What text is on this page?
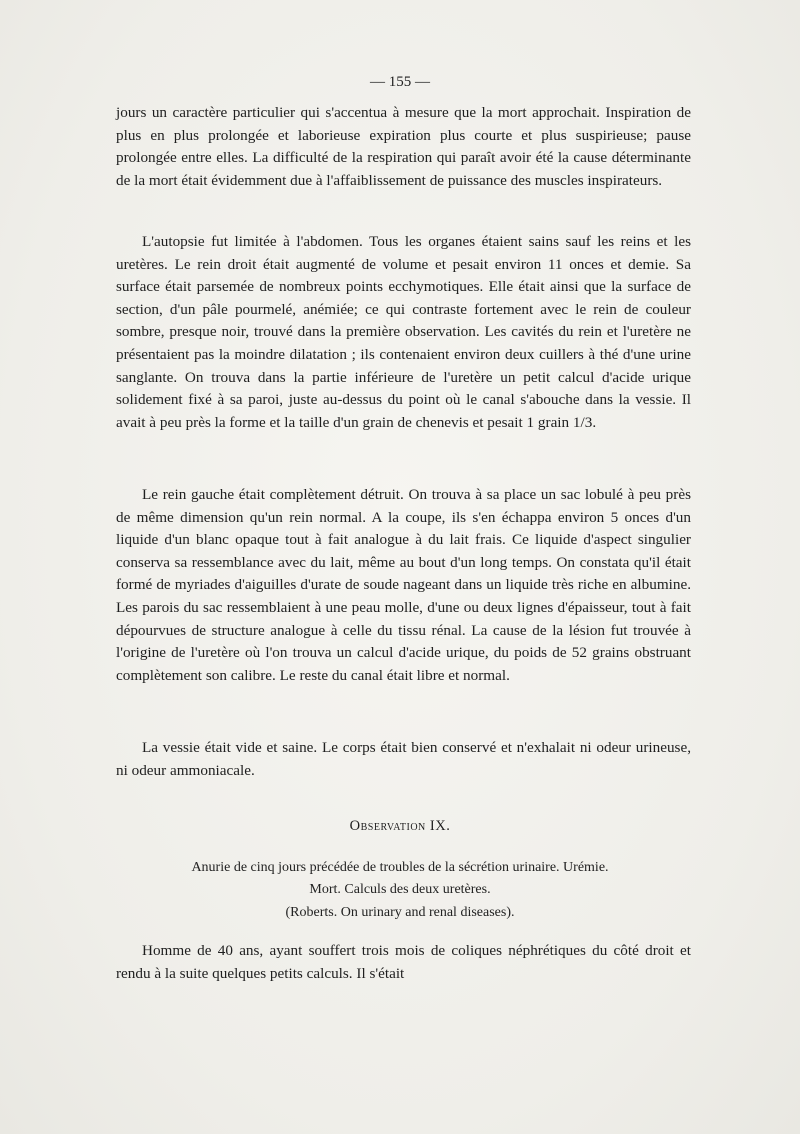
— 155 —

jours un caractère particulier qui s'accentua à mesure que la mort approchait. Inspiration de plus en plus prolongée et laborieuse expiration plus courte et plus suspirieuse; pause prolongée entre elles. La difficulté de la respiration qui paraît avoir été la cause déterminante de la mort était évidemment due à l'affaiblissement de puissance des muscles inspirateurs.

L'autopsie fut limitée à l'abdomen. Tous les organes étaient sains sauf les reins et les uretères. Le rein droit était augmenté de volume et pesait environ 11 onces et demie. Sa surface était parsemée de nombreux points ecchymotiques. Elle était ainsi que la surface de section, d'un pâle pourmelé, anémiée; ce qui contraste fortement avec le rein de couleur sombre, presque noir, trouvé dans la première observation. Les cavités du rein et l'uretère ne présentaient pas la moindre dilatation ; ils contenaient environ deux cuillers à thé d'une urine sanglante. On trouva dans la partie inférieure de l'uretère un petit calcul d'acide urique solidement fixé à sa paroi, juste au-dessus du point où le canal s'abouche dans la vessie. Il avait à peu près la forme et la taille d'un grain de chenevis et pesait 1 grain 1/3.

Le rein gauche était complètement détruit. On trouva à sa place un sac lobulé à peu près de même dimension qu'un rein normal. A la coupe, ils s'en échappa environ 5 onces d'un liquide d'un blanc opaque tout à fait analogue à du lait frais. Ce liquide d'aspect singulier conserva sa ressemblance avec du lait, même au bout d'un long temps. On constata qu'il était formé de myriades d'aiguilles d'urate de soude nageant dans un liquide très riche en albumine. Les parois du sac ressemblaient à une peau molle, d'une ou deux lignes d'épaisseur, tout à fait dépourvues de structure analogue à celle du tissu rénal. La cause de la lésion fut trouvée à l'origine de l'uretère où l'on trouva un calcul d'acide urique, du poids de 52 grains obstruant complètement son calibre. Le reste du canal était libre et normal.

La vessie était vide et saine. Le corps était bien conservé et n'exhalait ni odeur urineuse, ni odeur ammoniacale.

Observation IX.
Anurie de cinq jours précédée de troubles de la sécrétion urinaire. Urémie.
Mort. Calculs des deux uretères.
(Roberts. On urinary and renal diseases).

Homme de 40 ans, ayant souffert trois mois de coliques néphrétiques du côté droit et rendu à la suite quelques petits calculs. Il s'était
